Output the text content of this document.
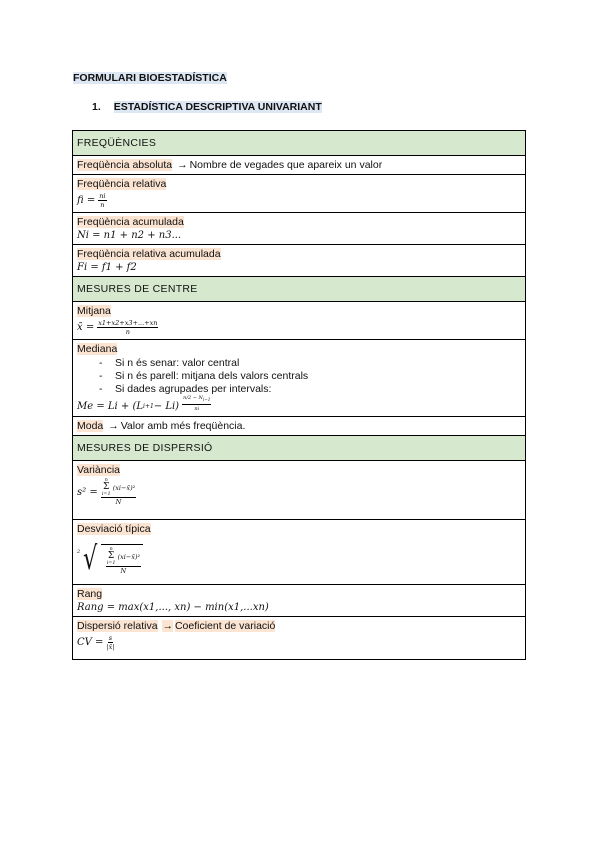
FORMULARI BIOESTADÍSTICA
1. ESTADÍSTICA DESCRIPTIVA UNIVARIANT
FREQÜÈNCIES
Freqüència absoluta → Nombre de vegades que apareix un valor
Freqüència relativa
fi = $\frac{ni}{n}$

Freqüència acumulada
Ni = n1 + n2 + n3...

Freqüència relativa acumulada
Fi = f1 + f2

MESURES DE CENTRE
Mitjana
x̄ = $\frac{x1+x2+x3+...+xn}{n}$

Mediana
- Si n és senar: valor central
- Si n és parell: mitjana dels valors centrals
- Si dades agrupades per intervals:
Me = Li + (L $i+1 - Li) \frac{n/2 - N_{i-1}}{ni}$

Moda → Valor amb més freqüència.
MESURES DE DISPERSIÓ
Variància
s² = n
Σ
i=1
(xi−x̄)²
N

Desviació típica
2 √ n
Σ
i=1
(xi−x̄)²
N

Rang
Rang = max(x1,..., xn) − min(x1,...xn)

Dispersió relativa → Coeficient de variació
CV = $\frac{s}{|x̄|}$
